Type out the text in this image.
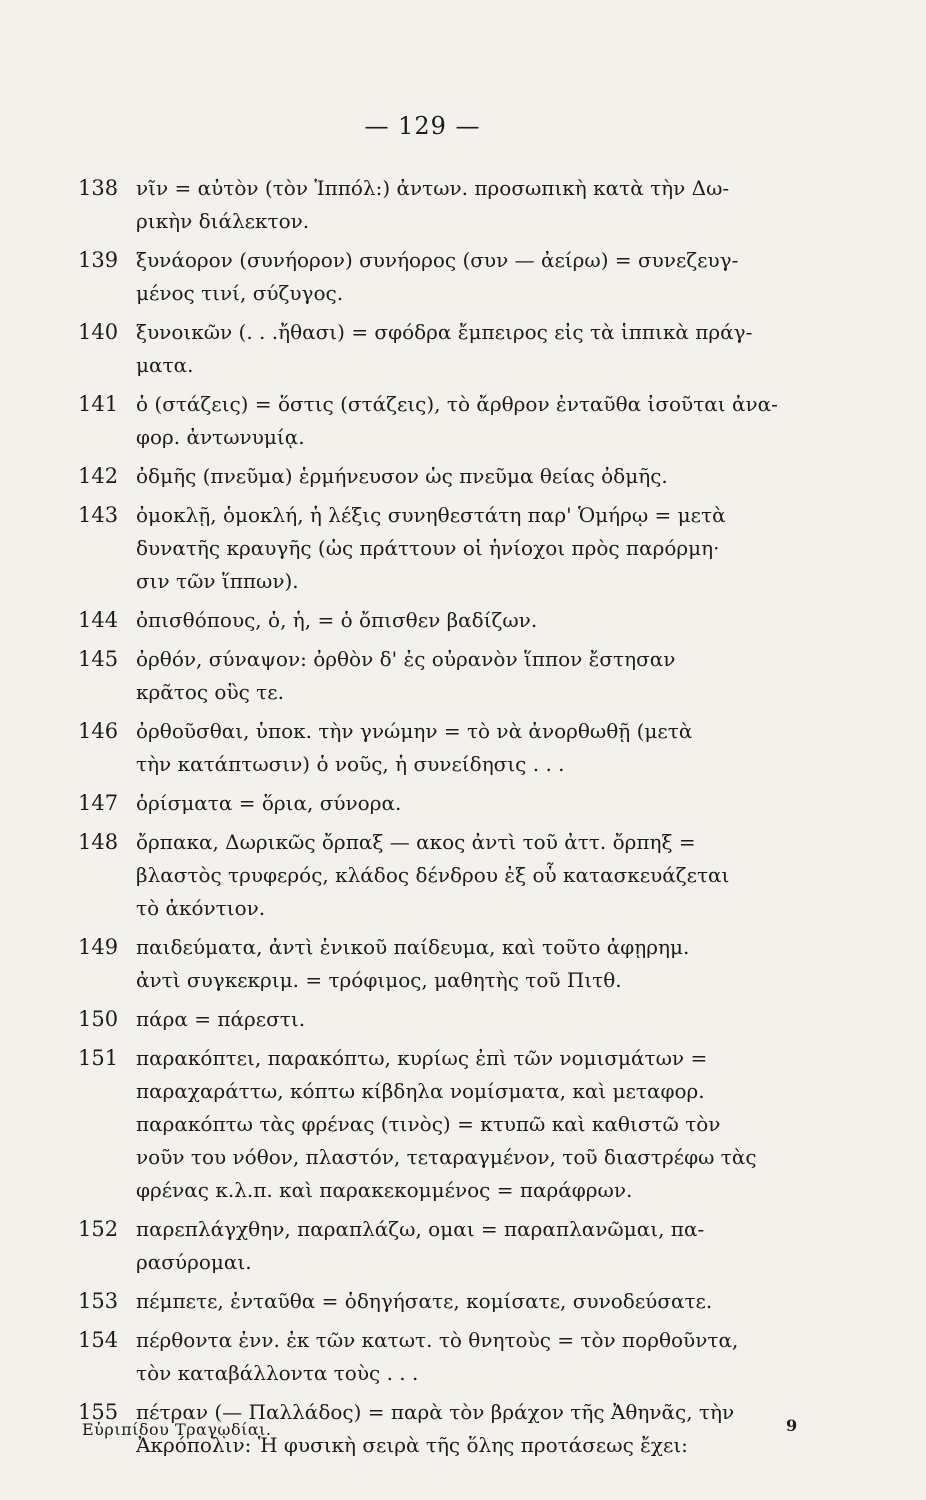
— 129 —
138 νῖν = αὐτὸν (τὸν Ἱππόλ:) ἀντων. προσωπικὴ κατὰ τὴν Δω-
ρικὴν διάλεκτον.
139 ξυνάορον (συνήορον) συνήορος (συν — ἀείρω) = συνεζευγ-
μένος τινί, σύζυγος.
140 ξυνοικῶν (. . .ἤθασι) = σφόδρα ἔμπειρος εἰς τὰ ἱππικὰ πράγ-
ματα.
141 ὁ (στάζεις) = ὅστις (στάζεις), τὸ ἄρθρον ἐνταῦθα ἰσοῦται ἀνα-
φορ. ἀντωνυμίᾳ.
142 ὀδμῆς (πνεῦμα) ἑρμήνευσον ὡς πνεῦμα θείας ὀδμῆς.
143 ὀμοκλῇ, ὁμοκλή, ἡ λέξις συνηθεστάτη παρ' Ὁμήρῳ = μετὰ
δυνατῆς κραυγῆς (ὡς πράττουν οἱ ἡνίοχοι πρὸς παρόρμη·
σιν τῶν ἵππων).
144 ὀπισθόπους, ὁ, ἡ, = ὁ ὄπισθεν βαδίζων.
145 ὀρθόν, σύναψον: ὀρθὸν δ' ἐς οὐρανὸν ἵππον ἔστησαν
κρᾶτος οὓς τε.
146 ὀρθοῦσθαι, ὑποκ. τὴν γνώμην = τὸ νὰ ἀνορθωθῇ (μετὰ
τὴν κατάπτωσιν) ὁ νοῦς, ἡ συνείδησις . . .
147 ὁρίσματα = ὅρια, σύνορα.
148 ὄρπακα, Δωρικῶς ὄρπαξ — ακος ἀντὶ τοῦ ἀττ. ὄρπηξ =
βλαστὸς τρυφερός, κλάδος δένδρου ἐξ οὗ κατασκευάζεται
τὸ ἀκόντιον.
149 παιδεύματα, ἀντὶ ἑνικοῦ παίδευμα, καὶ τοῦτο ἀφῃρημ.
ἀντὶ συγκεκριμ. = τρόφιμος, μαθητὴς τοῦ Πιτθ.
150 πάρα = πάρεστι.
151 παρακόπτει, παρακόπτω, κυρίως ἐπὶ τῶν νομισμάτων =
παραχαράττω, κόπτω κίβδηλα νομίσματα, καὶ μεταφορ.
παρακόπτω τὰς φρένας (τινὸς) = κτυπῶ καὶ καθιστῶ τὸν
νοῦν του νόθον, πλαστόν, τεταραγμένον, τοῦ διαστρέφω τὰς
φρένας κ.λ.π. καὶ παρακεκομμένος = παράφρων.
152 παρεπλάγχθην, παραπλάζω, ομαι = παραπλανῶμαι, πα-
ρασύρομαι.
153 πέμπετε, ἐνταῦθα = ὁδηγήσατε, κομίσατε, συνοδεύσατε.
154 πέρθοντα ἐνν. ἐκ τῶν κατωτ. τὸ θνητοὺς = τὸν πορθοῦντα,
τὸν καταβάλλοντα τοὺς . . .
155 πέτραν (— Παλλάδος) = παρὰ τὸν βράχον τῆς Ἀθηνᾶς, τὴν
Ἀκρόπολιν: Ἡ φυσικὴ σειρὰ τῆς ὅλης προτάσεως ἔχει:
Εὐριπίδου Τραγῳδίαι.	9
